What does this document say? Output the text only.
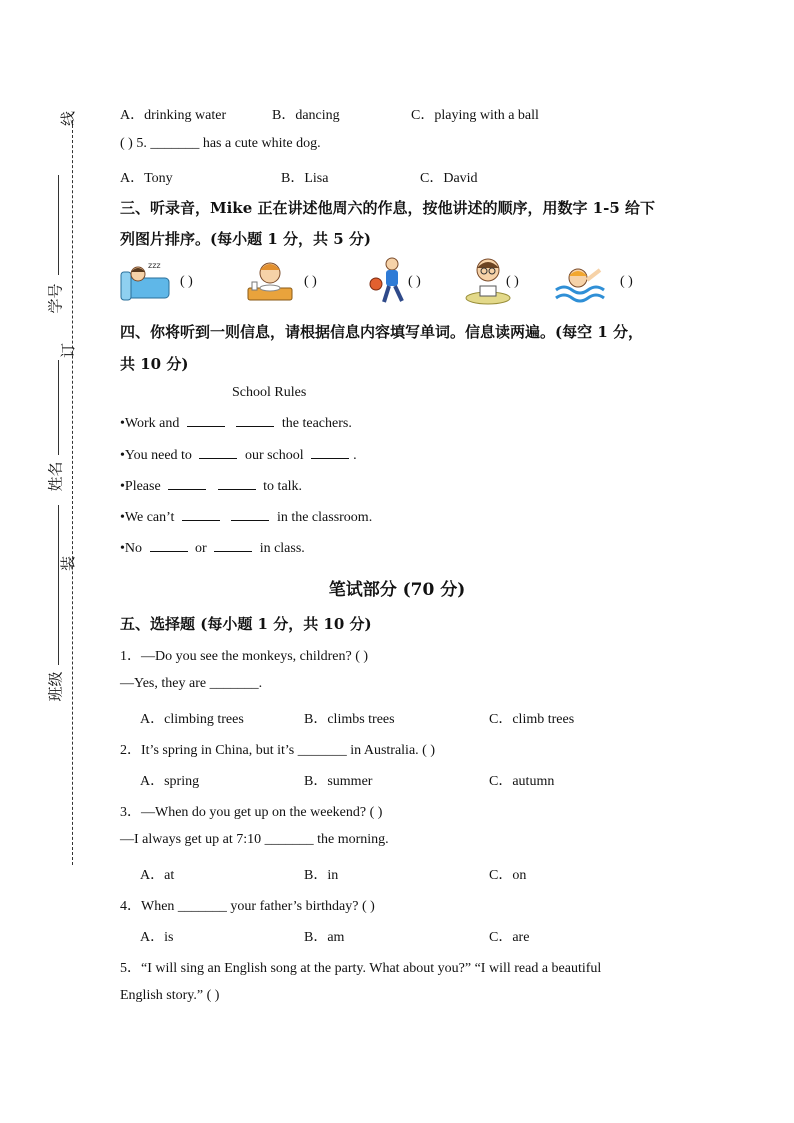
线
学号
订
姓名
装
班级
A．drinking water	B．dancing	C．playing with a ball
( ) 5. _______ has a cute white dog.
A．Tony	B．Lisa	C．David
三、听录音，Mike 正在讲述他周六的作息，按他讲述的顺序，用数字 1-5 给下
列图片排序。(每小题 1 分，共 5 分)
zzz
( )	( )	( )	( )	( )
四、你将听到一则信息，请根据信息内容填写单词。信息读两遍。(每空 1 分，
共 10 分)
School Rules
•Work and	the teachers.
•You need to	our school	.
•Please	to talk.
•We can’t	in the classroom.
•No	or	in class.
笔试部分 (70 分)
五、选择题 (每小题 1 分，共 10 分)
1．—Do you see the monkeys, children? ( )
—Yes, they are _______.
A．climbing trees	B．climbs trees	C．climb trees
2．It’s spring in China, but it’s _______ in Australia. ( )
A．spring	B．summer	C．autumn
3．—When do you get up on the weekend? ( )
—I always get up at 7:10 _______ the morning.
A．at	B．in	C．on
4．When _______ your father’s birthday? ( )
A．is	B．am	C．are
5．“I will sing an English song at the party. What about you?” “I will read a beautiful
English story.” ( )
